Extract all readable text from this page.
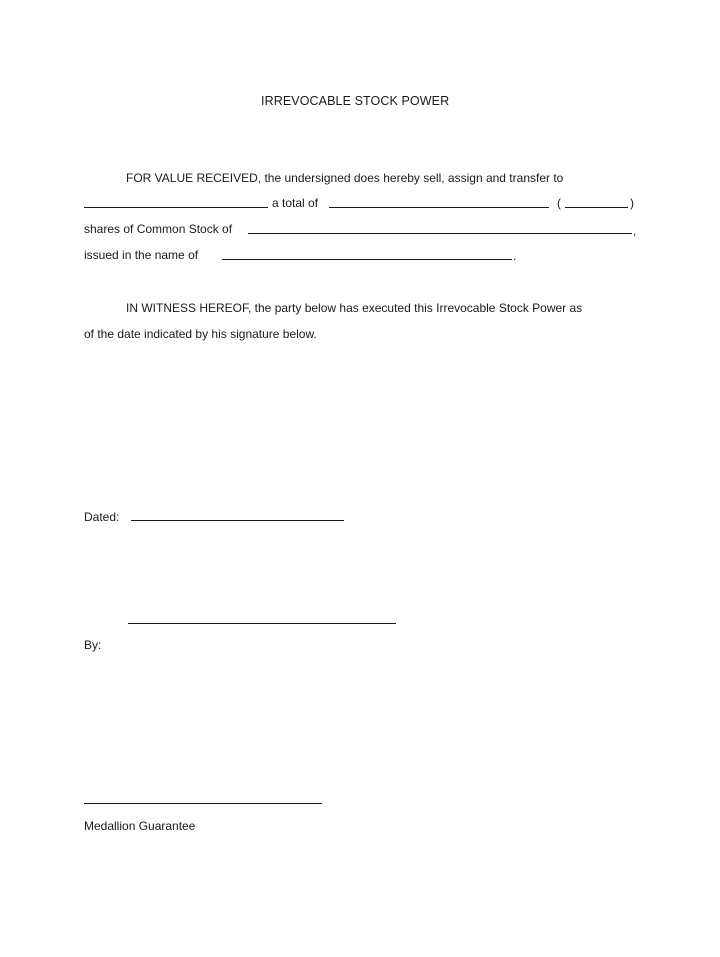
IRREVOCABLE STOCK POWER
FOR VALUE RECEIVED, the undersigned does hereby sell, assign and transfer to
a total of	(	)
shares of Common Stock of	,
issued in the name of	.
IN WITNESS HEREOF, the party below has executed this Irrevocable Stock Power as
of the date indicated by his signature below.
Dated:
By:
Medallion Guarantee
